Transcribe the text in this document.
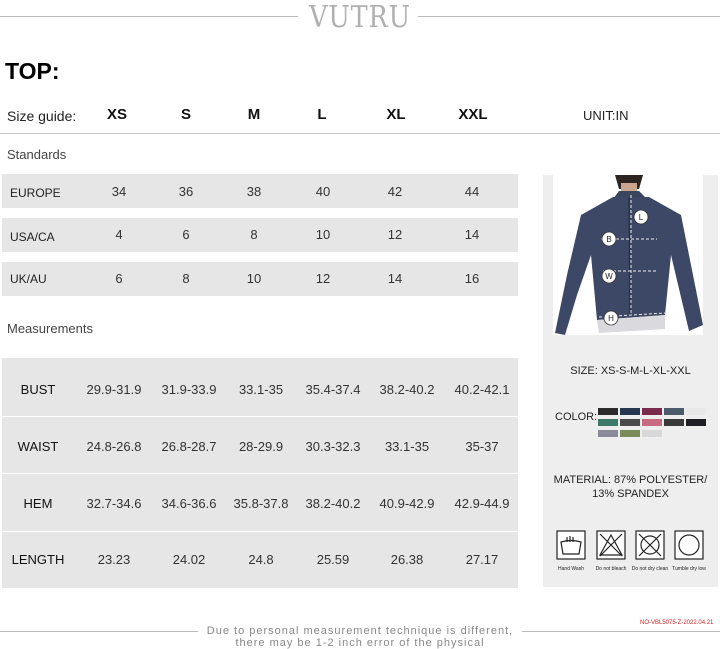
VUTRU
TOP:
Size guide:	XS	S	M	L	XL	XXL	UNIT:IN
Standards
EUROPE	34	36	38	40	42	44
USA/CA	4	6	8	10	12	14
UK/AU	6	8	10	12	14	16
Measurements
BUST	29.9-31.9	31.9-33.9	33.1-35	35.4-37.4	38.2-40.2	40.2-42.1
WAIST	24.8-26.8	26.8-28.7	28-29.9	30.3-32.3	33.1-35	35-37
HEM	32.7-34.6	34.6-36.6	35.8-37.8	38.2-40.2	40.9-42.9	42.9-44.9
LENGTH	23.23	24.02	24.8	25.59	26.38	27.17
L
B
W
H
SIZE: XS-S-M-L-XL-XXL
COLOR:
MATERIAL: 87% POLYESTER/
13% SPANDEX
Hand Wash	Do not bleach	Do not dry clean Tumble dry low
NO-VBL5075-Z-2022.04.21
Due to personal measurement technique is different,
there may be 1-2 inch error of the physical
